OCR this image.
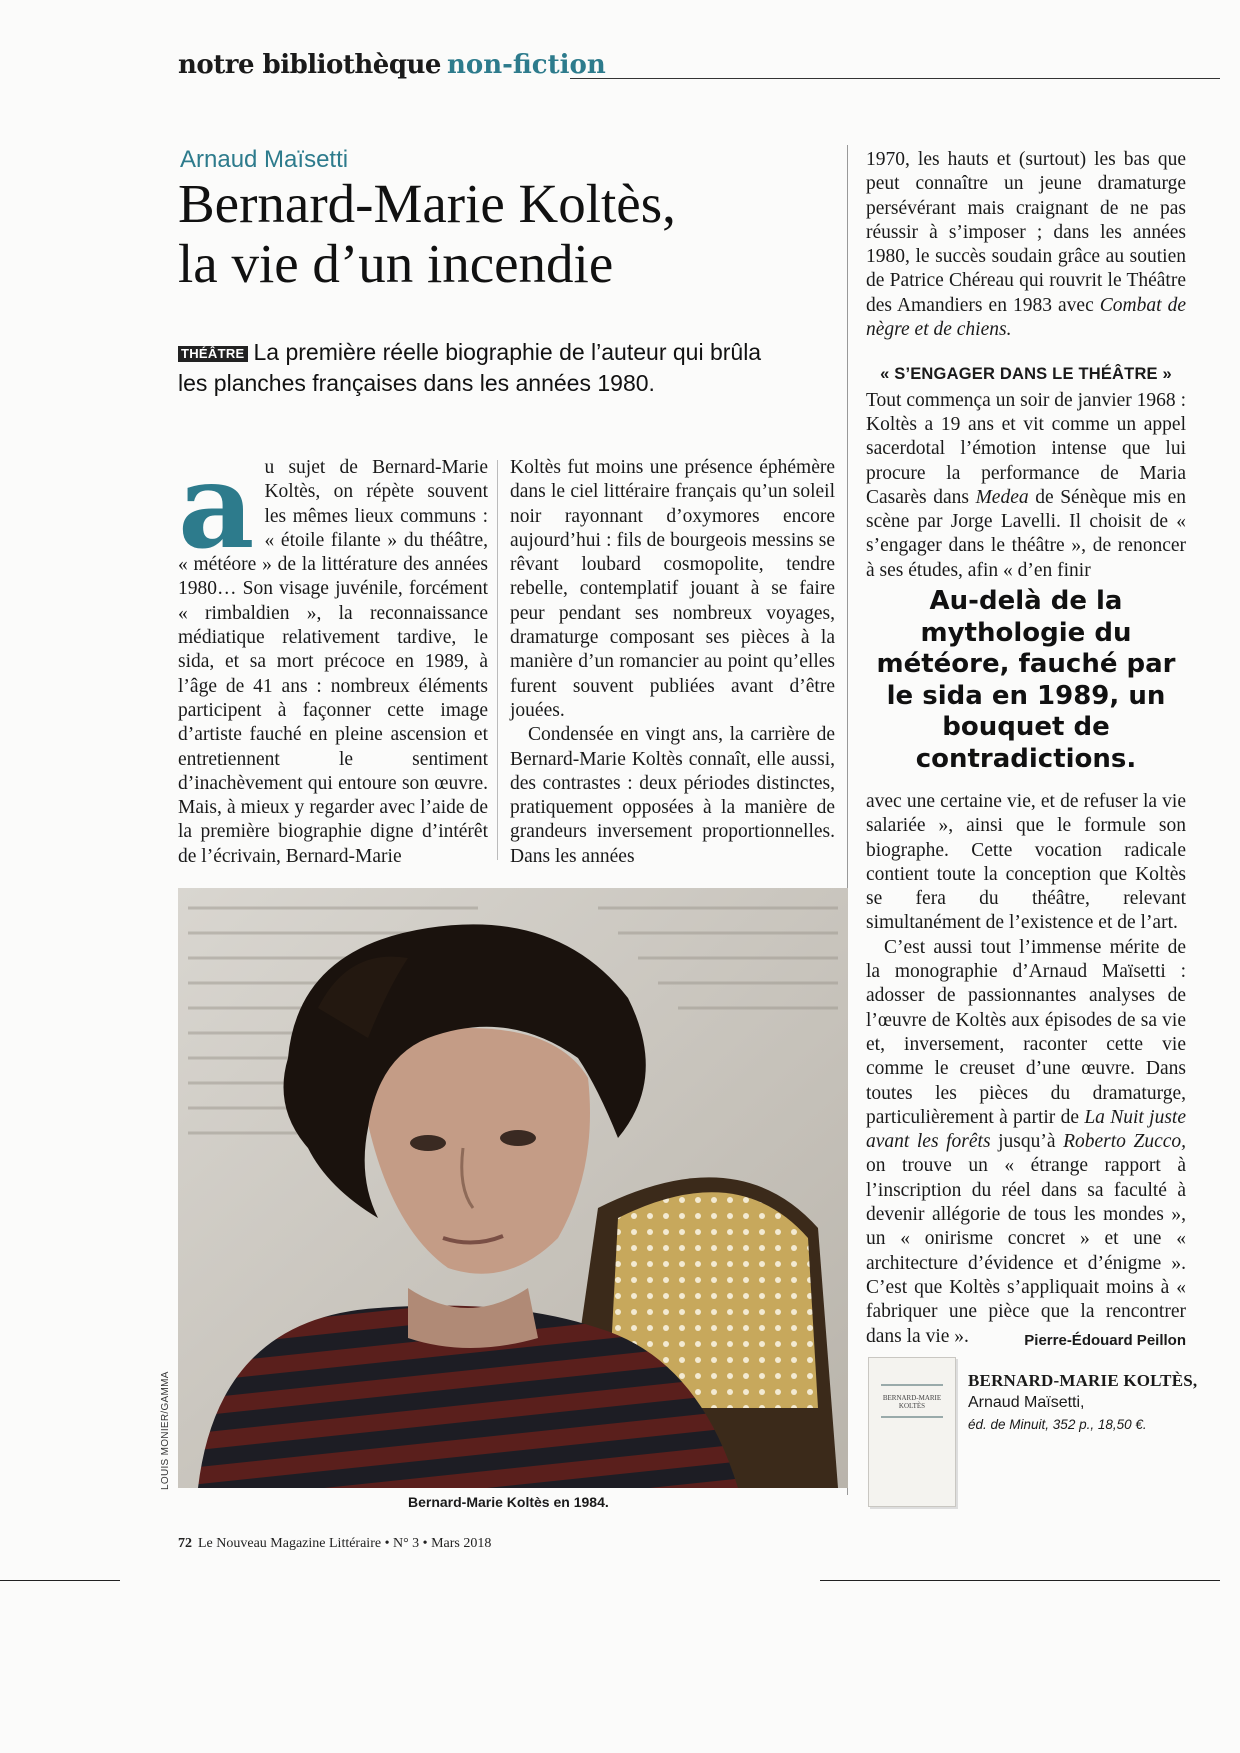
notre bibliothèque non-fiction
Arnaud Maïsetti
Bernard-Marie Koltès,
la vie d’un incendie
THÉÂTRE La première réelle biographie de l’auteur qui brûla les planches françaises dans les années 1980.

au sujet de Bernard-Marie Koltès, on répète souvent les mêmes lieux communs : « étoile filante » du théâtre, « météore » de la littérature des années 1980… Son visage juvénile, forcément « rimbaldien », la reconnaissance médiatique relativement tardive, le sida, et sa mort précoce en 1989, à l’âge de 41 ans : nombreux éléments participent à façonner cette image d’artiste fauché en pleine ascension et entretiennent le sentiment d’inachèvement qui entoure son œuvre. Mais, à mieux y regarder avec l’aide de la première biographie digne d’intérêt de l’écrivain, Bernard-Marie

Koltès fut moins une présence éphémère dans le ciel littéraire français qu’un soleil noir rayonnant d’oxymores encore aujourd’hui : fils de bourgeois messins se rêvant loubard cosmopolite, tendre rebelle, contemplatif jouant à se faire peur pendant ses nombreux voyages, dramaturge composant ses pièces à la manière d’un romancier au point qu’elles furent souvent publiées avant d’être jouées.

Condensée en vingt ans, la carrière de Bernard-Marie Koltès connaît, elle aussi, des contrastes : deux périodes distinctes, pratiquement opposées à la manière de grandeurs inversement proportionnelles. Dans les années

1970, les hauts et (surtout) les bas que peut connaître un jeune dramaturge persévérant mais craignant de ne pas réussir à s’imposer ; dans les années 1980, le succès soudain grâce au soutien de Patrice Chéreau qui rouvrit le Théâtre des Amandiers en 1983 avec Combat de nègre et de chiens.

« S’ENGAGER DANS LE THÉÂTRE »

Tout commença un soir de janvier 1968 : Koltès a 19 ans et vit comme un appel sacerdotal l’émotion intense que lui procure la performance de Maria Casarès dans Medea de Sénèque mis en scène par Jorge Lavelli. Il choisit de « s’engager dans le théâtre », de renoncer à ses études, afin « d’en finir

Au-delà de la mythologie du météore, fauché par le sida en 1989, un bouquet de contradictions.

avec une certaine vie, et de refuser la vie salariée », ainsi que le formule son biographe. Cette vocation radicale contient toute la conception que Koltès se fera du théâtre, relevant simultanément de l’existence et de l’art.

C’est aussi tout l’immense mérite de la monographie d’Arnaud Maïsetti : adosser de passionnantes analyses de l’œuvre de Koltès aux épisodes de sa vie et, inversement, raconter cette vie comme le creuset d’une œuvre. Dans toutes les pièces du dramaturge, particulièrement à partir de La Nuit juste avant les forêts jusqu’à Roberto Zucco, on trouve un « étrange rapport à l’inscription du réel dans sa faculté à devenir allégorie de tous les mondes », un « onirisme concret » et une « architecture d’évidence et d’énigme ». C’est que Koltès s’appliquait moins à « fabriquer une pièce que la rencontrer dans la vie ».	Pierre-Édouard Peillon

LOUIS MONIER/GAMMA
Bernard-Marie Koltès en 1984.
BERNARD-MARIE KOLTÈS
BERNARD-MARIE KOLTÈS,
Arnaud Maïsetti,
éd. de Minuit, 352 p., 18,50 €.
72 Le Nouveau Magazine Littéraire • N° 3 • Mars 2018
